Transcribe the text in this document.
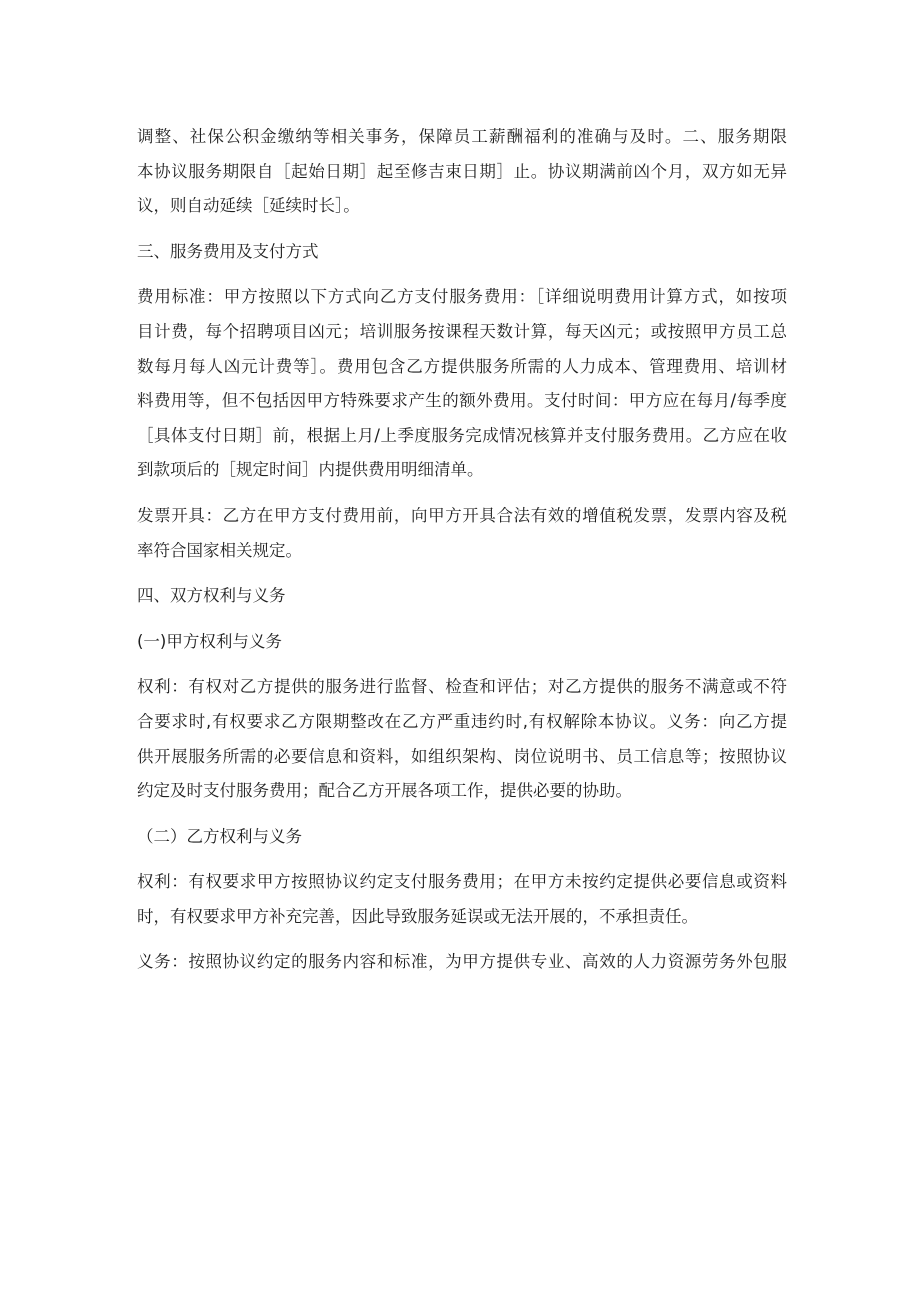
调整、社保公积金缴纳等相关事务，保障员工薪酬福利的准确与及时。二、服务期限
本协议服务期限自［起始日期］起至修吉束日期］止。协议期满前凶个月，双方如无异
议，则自动延续［延续时长］。
三、服务费用及支付方式
费用标准：甲方按照以下方式向乙方支付服务费用：［详细说明费用计算方式，如按项
目计费，每个招聘项目凶元；培训服务按课程天数计算，每天凶元；或按照甲方员工总
数每月每人凶元计费等］。费用包含乙方提供服务所需的人力成本、管理费用、培训材
料费用等，但不包括因甲方特殊要求产生的额外费用。支付时间：甲方应在每月/每季度
［具体支付日期］前，根据上月/上季度服务完成情况核算并支付服务费用。乙方应在收
到款项后的［规定时间］内提供费用明细清单。
发票开具：乙方在甲方支付费用前，向甲方开具合法有效的增值税发票，发票内容及税
率符合国家相关规定。
四、双方权利与义务
(一)甲方权利与义务
权利：有权对乙方提供的服务进行监督、检查和评估；对乙方提供的服务不满意或不符
合要求时,有权要求乙方限期整改在乙方严重违约时,有权解除本协议。义务：向乙方提
供开展服务所需的必要信息和资料，如组织架构、岗位说明书、员工信息等；按照协议
约定及时支付服务费用；配合乙方开展各项工作，提供必要的协助。
（二）乙方权利与义务
权利：有权要求甲方按照协议约定支付服务费用；在甲方未按约定提供必要信息或资料
时，有权要求甲方补充完善，因此导致服务延误或无法开展的，不承担责任。
义务：按照协议约定的服务内容和标准，为甲方提供专业、高效的人力资源劳务外包服
